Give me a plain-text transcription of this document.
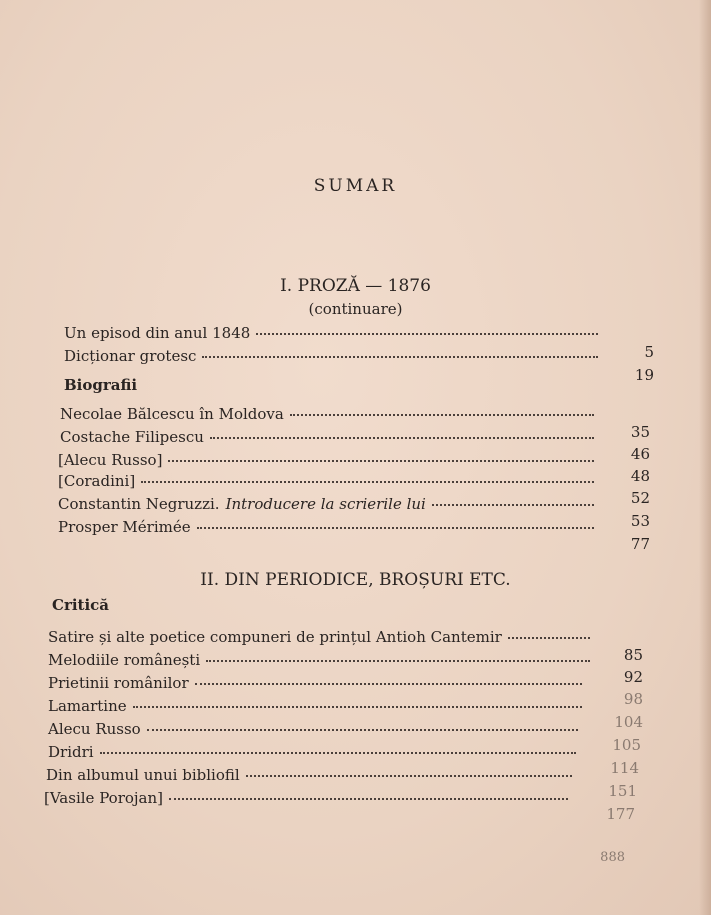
SUMAR
I. PROZĂ — 1876
(continuare)
Un episod din anul 1848
5
Dicționar grotesc
19
Biografii
Necolae Bălcescu în Moldova
35
Costache Filipescu
46
[Alecu Russo]
48
[Coradini]
52
Constantin Negruzzi. Introducere la scrierile lui
53
Prosper Mérimée
77
II. DIN PERIODICE, BROȘURI ETC.
Critică
Satire și alte poetice compuneri de prințul Antioh Cantemir
85
Melodiile românești
92
Prietinii românilor
98
Lamartine
104
Alecu Russo
105
Dridri
114
Din albumul unui bibliofil
151
[Vasile Porojan]
177
888
